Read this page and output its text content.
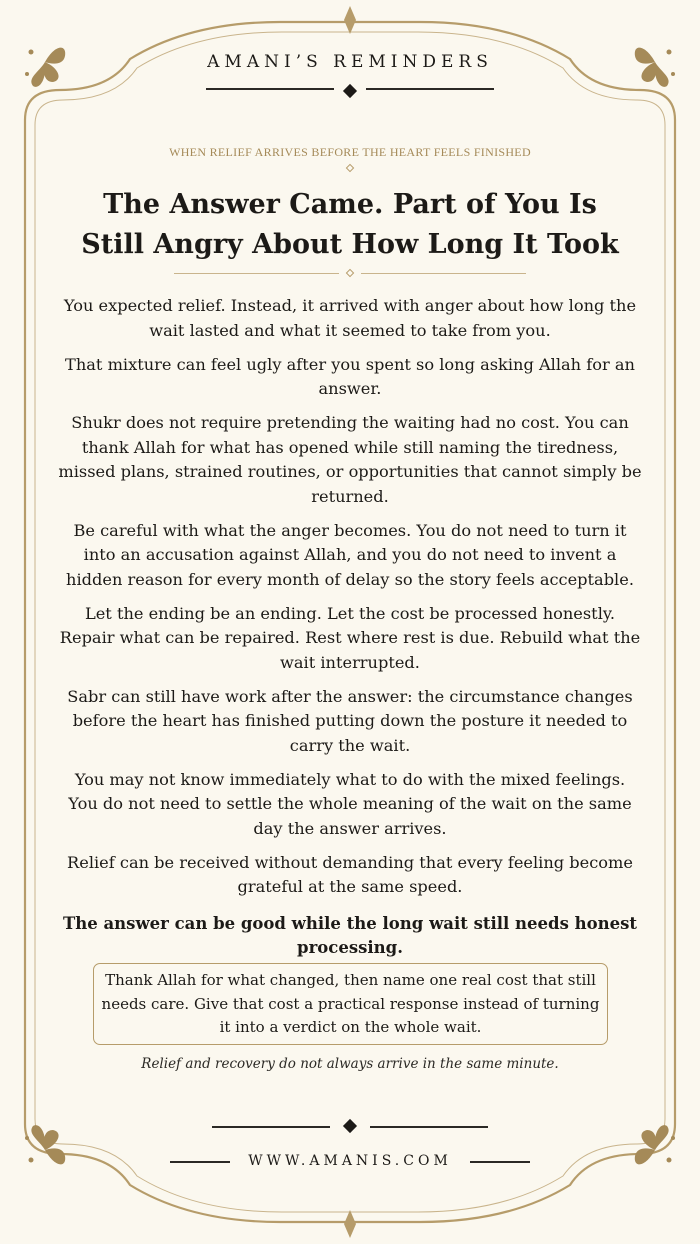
AMANI’S REMINDERS
WHEN RELIEF ARRIVES BEFORE THE HEART FEELS FINISHED
The Answer Came. Part of You Is
Still Angry About How Long It Took

You expected relief. Instead, it arrived with anger about how long the wait lasted and what it seemed to take from you.

That mixture can feel ugly after you spent so long asking Allah for an answer.

Shukr does not require pretending the waiting had no cost. You can thank Allah for what has opened while still naming the tiredness, missed plans, strained routines, or opportunities that cannot simply be returned.

Be careful with what the anger becomes. You do not need to turn it into an accusation against Allah, and you do not need to invent a hidden reason for every month of delay so the story feels acceptable.

Let the ending be an ending. Let the cost be processed honestly. Repair what can be repaired. Rest where rest is due. Rebuild what the wait interrupted.

Sabr can still have work after the answer: the circumstance changes before the heart has finished putting down the posture it needed to carry the wait.

You may not know immediately what to do with the mixed feelings. You do not need to settle the whole meaning of the wait on the same day the answer arrives.

Relief can be received without demanding that every feeling become grateful at the same speed.

The answer can be good while the long wait still needs honest processing.

Thank Allah for what changed, then name one real cost that still needs care. Give that cost a practical response instead of turning it into a verdict on the whole wait.
Relief and recovery do not always arrive in the same minute.
WWW.AMANIS.COM
